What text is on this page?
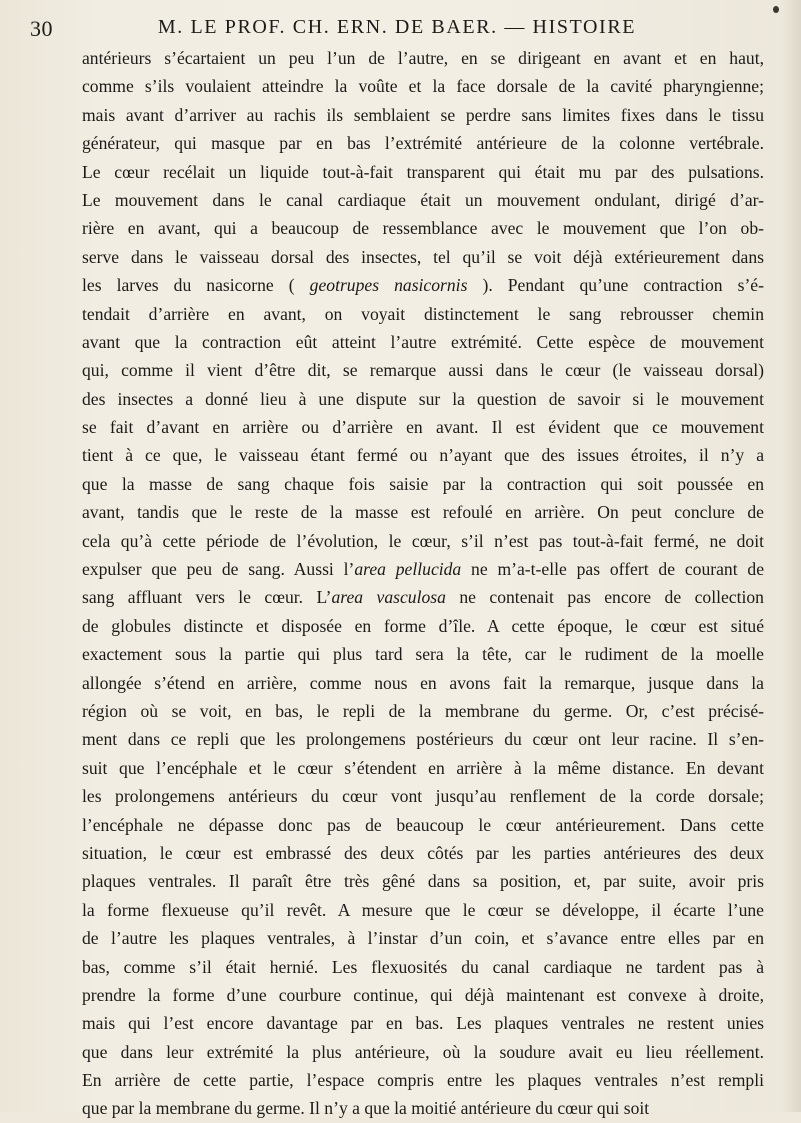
30	M. LE PROF. CH. ERN. DE BAER. — HISTOIRE
antérieurs s’écartaient un peu l’un de l’autre, en se dirigeant en avant et en haut,
comme s’ils voulaient atteindre la voûte et la face dorsale de la cavité pharyngienne;
mais avant d’arriver au rachis ils semblaient se perdre sans limites fixes dans le tissu
générateur, qui masque par en bas l’extrémité antérieure de la colonne vertébrale.
Le cœur recélait un liquide tout-à-fait transparent qui était mu par des pulsations.
Le mouvement dans le canal cardiaque était un mouvement ondulant, dirigé d’ar-
rière en avant, qui a beaucoup de ressemblance avec le mouvement que l’on ob-
serve dans le vaisseau dorsal des insectes, tel qu’il se voit déjà extérieurement dans
les larves du nasicorne ( geotrupes nasicornis ). Pendant qu’une contraction s’é-
tendait d’arrière en avant, on voyait distinctement le sang rebrousser chemin
avant que la contraction eût atteint l’autre extrémité. Cette espèce de mouvement
qui, comme il vient d’être dit, se remarque aussi dans le cœur (le vaisseau dorsal)
des insectes a donné lieu à une dispute sur la question de savoir si le mouvement
se fait d’avant en arrière ou d’arrière en avant. Il est évident que ce mouvement
tient à ce que, le vaisseau étant fermé ou n’ayant que des issues étroites, il n’y a
que la masse de sang chaque fois saisie par la contraction qui soit poussée en
avant, tandis que le reste de la masse est refoulé en arrière. On peut conclure de
cela qu’à cette période de l’évolution, le cœur, s’il n’est pas tout-à-fait fermé, ne doit
expulser que peu de sang. Aussi l’area pellucida ne m’a-t-elle pas offert de courant de
sang affluant vers le cœur. L’area vasculosa ne contenait pas encore de collection
de globules distincte et disposée en forme d’île. A cette époque, le cœur est situé
exactement sous la partie qui plus tard sera la tête, car le rudiment de la moelle
allongée s’étend en arrière, comme nous en avons fait la remarque, jusque dans la
région où se voit, en bas, le repli de la membrane du germe. Or, c’est précisé-
ment dans ce repli que les prolongemens postérieurs du cœur ont leur racine. Il s’en-
suit que l’encéphale et le cœur s’étendent en arrière à la même distance. En devant
les prolongemens antérieurs du cœur vont jusqu’au renflement de la corde dorsale;
l’encéphale ne dépasse donc pas de beaucoup le cœur antérieurement. Dans cette
situation, le cœur est embrassé des deux côtés par les parties antérieures des deux
plaques ventrales. Il paraît être très gêné dans sa position, et, par suite, avoir pris
la forme flexueuse qu’il revêt. A mesure que le cœur se développe, il écarte l’une
de l’autre les plaques ventrales, à l’instar d’un coin, et s’avance entre elles par en
bas, comme s’il était hernié. Les flexuosités du canal cardiaque ne tardent pas à
prendre la forme d’une courbure continue, qui déjà maintenant est convexe à droite,
mais qui l’est encore davantage par en bas. Les plaques ventrales ne restent unies
que dans leur extrémité la plus antérieure, où la soudure avait eu lieu réellement.
En arrière de cette partie, l’espace compris entre les plaques ventrales n’est rempli
que par la membrane du germe. Il n’y a que la moitié antérieure du cœur qui soit
